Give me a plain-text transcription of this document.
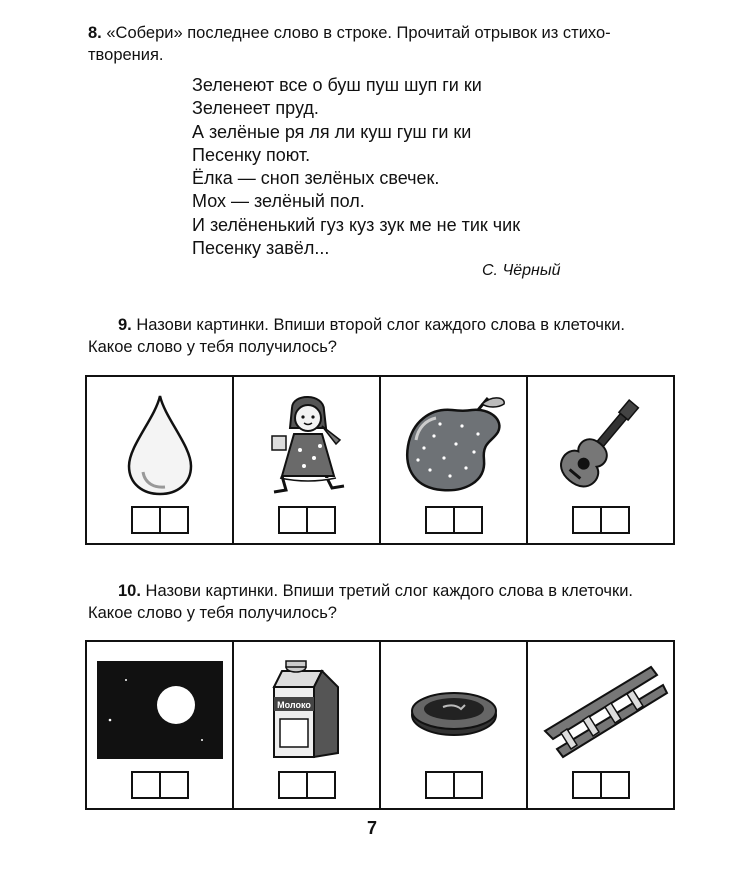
8. «Собери» последнее слово в строке. Прочитай отрывок из стихо-
творения.
Зеленеют все о буш пуш шуп ги ки
Зеленеет пруд.
А зелёные ря ля ли куш гуш ги ки
Песенку поют.
Ёлка — сноп зелёных свечек.
Мох — зелёный пол.
И зелёненький гуз куз зук ме не тик чик
Песенку завёл...
С. Чёрный
9. Назови картинки. Впиши второй слог каждого слова в клеточки.
Какое слово у тебя получилось?
10. Назови картинки. Впиши третий слог каждого слова в клеточки.
Какое слово у тебя получилось?
Молоко
7
